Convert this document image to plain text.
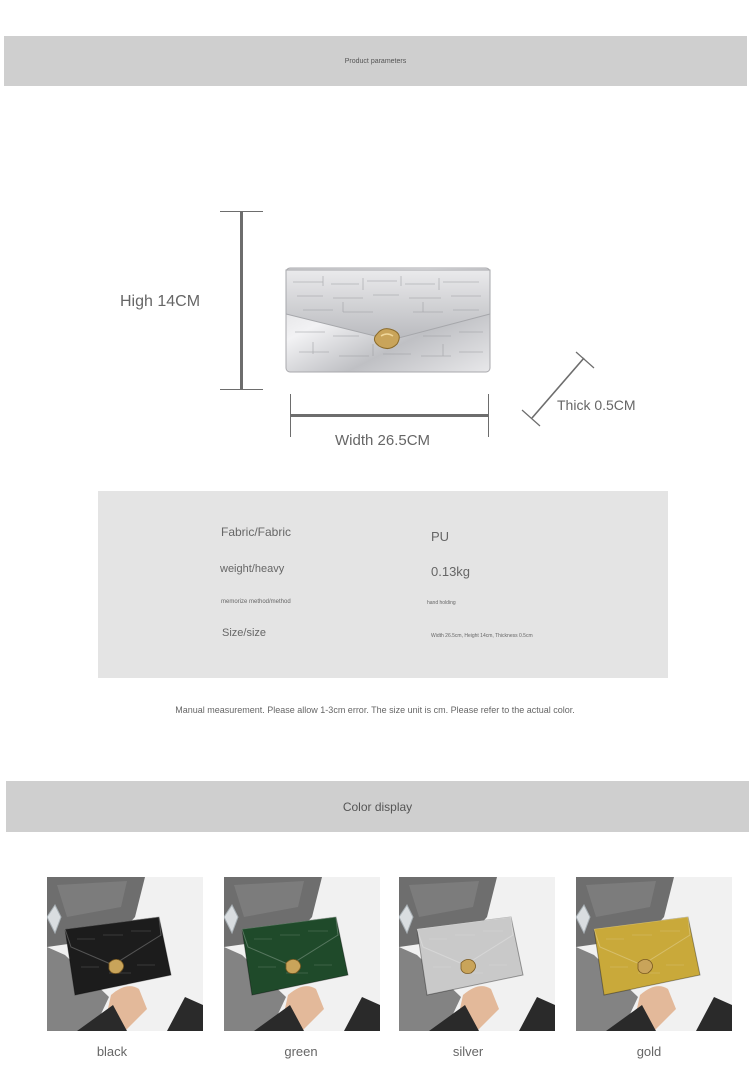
Product parameters
High 14CM
Width 26.5CM
Thick 0.5CM
Fabric/Fabric	PU
weight/heavy	0.13kg
memorize method/method	hand holding
Size/size	Width 26.5cm, Height 14cm, Thickness 0.5cm
Manual measurement. Please allow 1-3cm error. The size unit is cm. Please refer to the actual color.
Color display
black	green	silver	gold
